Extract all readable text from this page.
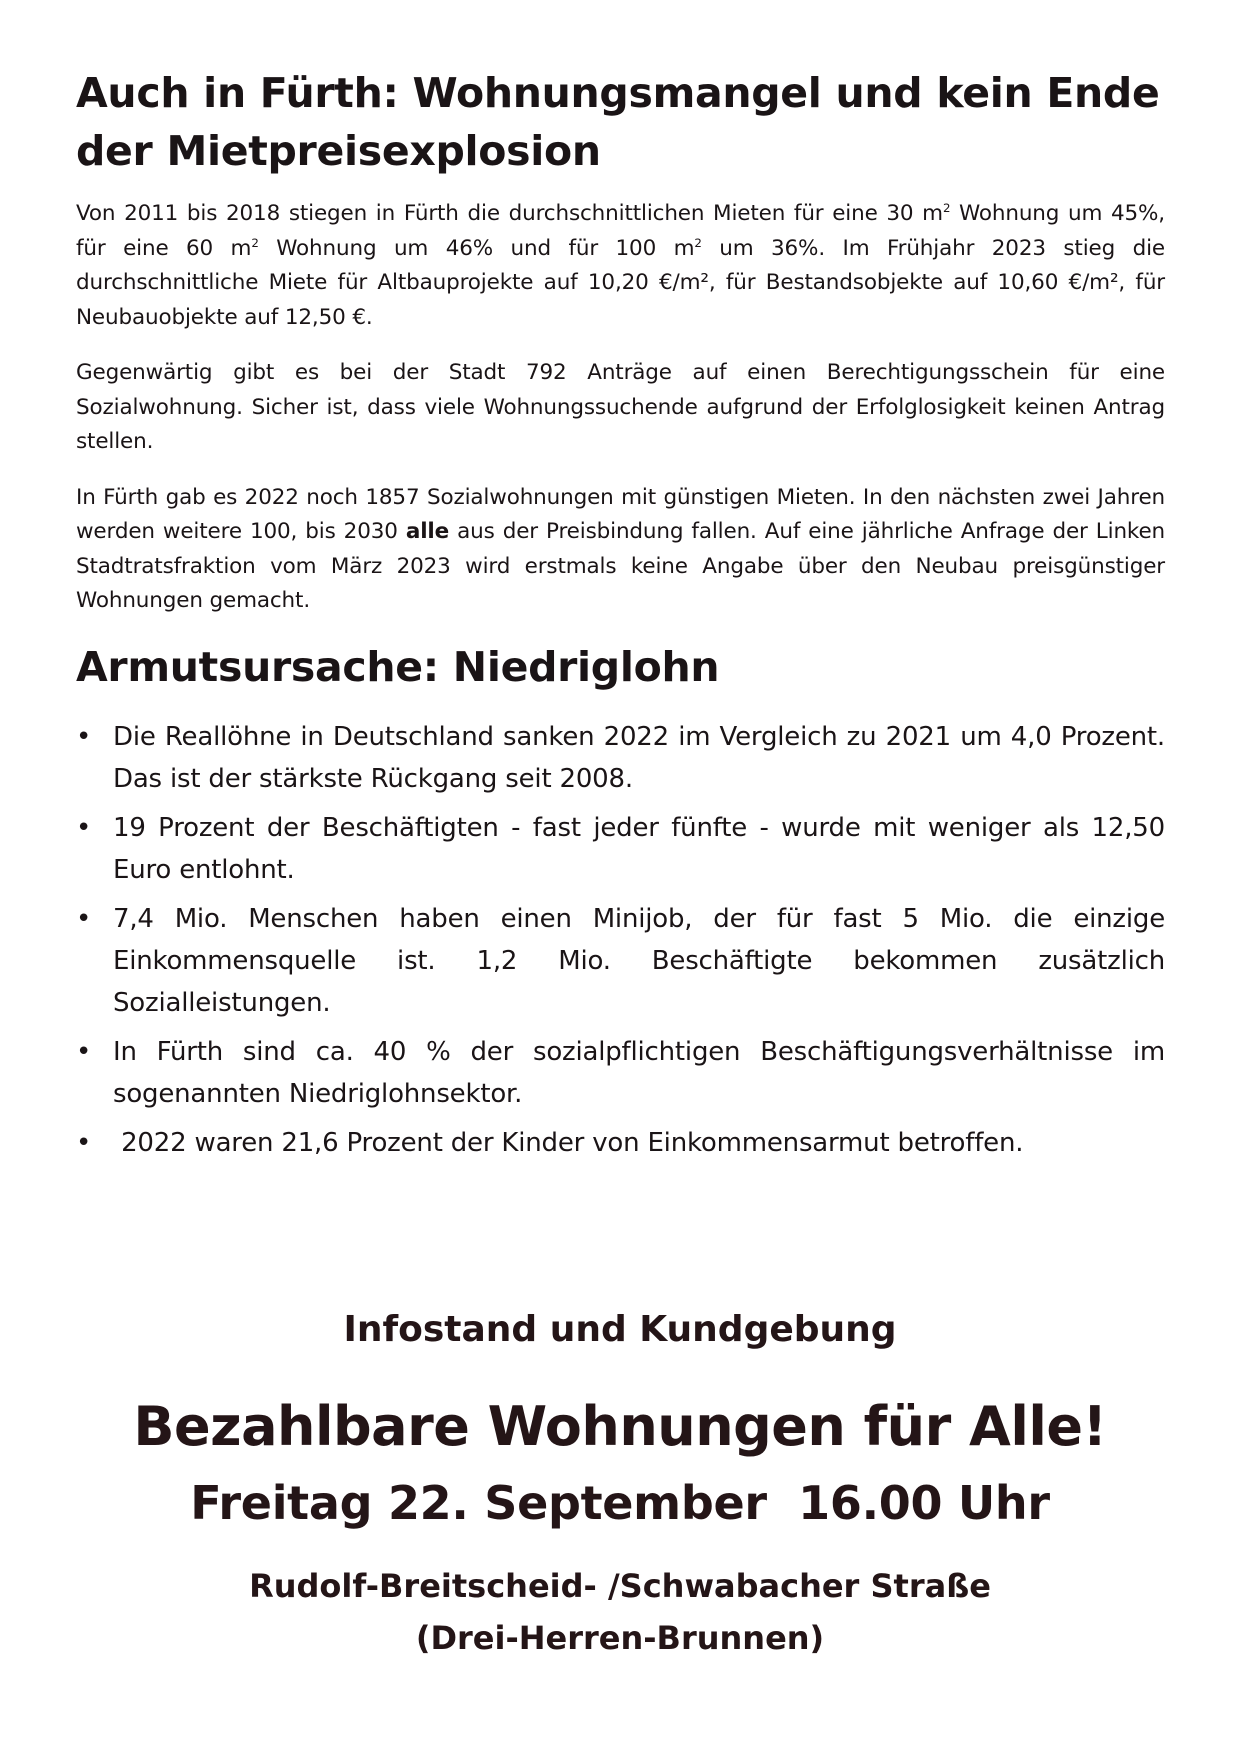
Auch in Fürth: Wohnungsmangel und kein Ende der Mietpreisexplosion

Von 2011 bis 2018 stiegen in Fürth die durchschnittlichen Mieten für eine 30 $m^2$ Wohnung um 45%, für eine 60 $m^2$ Wohnung um 46% und für 100 $m^2$ um 36%. Im Frühjahr 2023 stieg die durchschnittliche Miete für Altbauprojekte auf 10,20 €/m², für Bestandsobjekte auf 10,60 €/m², für Neubauobjekte auf 12,50 €.

Gegenwärtig gibt es bei der Stadt 792 Anträge auf einen Berechtigungsschein für eine Sozialwohnung. Sicher ist, dass viele Wohnungssuchende aufgrund der Erfolglosigkeit keinen Antrag stellen.

In Fürth gab es 2022 noch 1857 Sozialwohnungen mit günstigen Mieten. In den nächsten zwei Jahren werden weitere 100, bis 2030 alle aus der Preisbindung fallen. Auf eine jährliche Anfrage der Linken Stadtratsfraktion vom März 2023 wird erstmals keine Angabe über den Neubau preisgünstiger Wohnungen gemacht.

Armutsursache: Niedriglohn
• Die Reallöhne in Deutschland sanken 2022 im Vergleich zu 2021 um 4,0 Prozent. Das ist der stärkste Rückgang seit 2008.
• 19 Prozent der Beschäftigten - fast jeder fünfte - wurde mit weniger als 12,50 Euro entlohnt.
• 7,4 Mio. Menschen haben einen Minijob, der für fast 5 Mio. die einzige Einkommensquelle ist. 1,2 Mio. Beschäftigte bekommen zusätzlich Sozialleistungen.
• In Fürth sind ca. 40 % der sozialpflichtigen Beschäftigungsverhältnisse im sogenannten Niedriglohnsektor.
• 2022 waren 21,6 Prozent der Kinder von Einkommensarmut betroffen.
Infostand und Kundgebung
Bezahlbare Wohnungen für Alle!
Freitag 22. September  16.00 Uhr
Rudolf-Breitscheid- /Schwabacher Straße
(Drei-Herren-Brunnen)
